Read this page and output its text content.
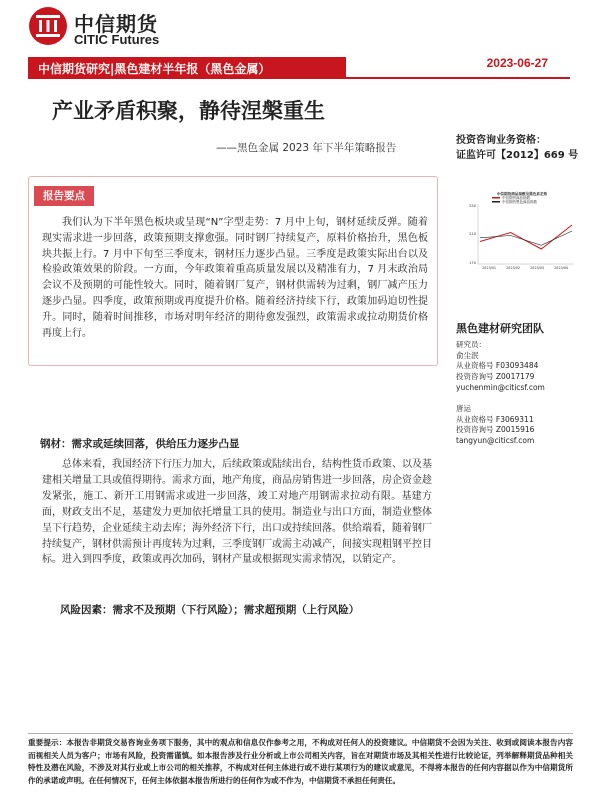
中信期货
CITIC Futures
中信期货研究|黑色建材半年报（黑色金属）	2023-06-27
产业矛盾积聚，静待涅槃重生
——黑色金属 2023 年下半年策略报告
投资咨询业务资格：
证监许可【2012】669 号
报告要点
我们认为下半年黑色板块或呈现“N”字型走势：7 月中上旬，钢材延续反弹。随着现实需求进一步回落，政策预期支撑愈强。同时钢厂持续复产，原料价格抬升，黑色板块共振上行。7 月中下旬至三季度末，钢材压力逐步凸显。三季度是政策实际出台以及检验政策效果的阶段。一方面，今年政策着重高质量发展以及精准有力，7 月末政治局会议不及预期的可能性较大。同时，随着钢厂复产，钢材供需转为过剩，钢厂减产压力逐步凸显。四季度，政策预期或再度提升价格。随着经济持续下行，政策加码迫切性提升。同时，随着时间推移，市场对明年经济的期待愈发强烈，政策需求或拉动期货价格再度上行。
中信期货商品指数及黑色系走势
中信期货商品指数
中信期货黑色商品指数
250
210
170
2023/01	2023/02	2023/03	2023/04
黑色建材研究团队
研究员：
俞尘泯
从业资格号 F03093484
投资咨询号 Z0017179
yuchenmin@citicsf.com
唐运
从业资格号 F3069311
投资咨询号 Z0015916
tangyun@citicsf.com
钢材：需求或延续回落，供给压力逐步凸显
总体来看，我国经济下行压力加大，后续政策或陆续出台，结构性货币政策、以及基建相关增量工具或值得期待。需求方面，地产角度，商品房销售进一步回落，房企资金趁发紧张，施工、新开工用钢需求或进一步回落，竣工对地产用钢需求拉动有限。基建方面，财政支出不足，基建发力更加依托增量工具的使用。制造业与出口方面，制造业整体呈下行趋势，企业延续主动去库；海外经济下行，出口或持续回落。供给端看，随着钢厂持续复产，钢材供需预计再度转为过剩，三季度钢厂或需主动减产，间接实现粗钢平控目标。进入到四季度，政策或再次加码，钢材产量或根据现实需求情况，以销定产。
风险因素：需求不及预期（下行风险）；需求超预期（上行风险）
重要提示：本报告非期货交易咨询业务项下服务，其中的观点和信息仅作参考之用，不构成对任何人的投资建议。中信期货不会因为关注、收到或阅读本报告内容而视相关人员为客户；市场有风险，投资需谨慎。如本报告涉及行业分析或上市公司相关内容，旨在对期货市场及其相关性进行比较论证，列举解释期货品种相关特性及潜在风险，不涉及对其行业或上市公司的相关推荐，不构成对任何主体进行或不进行某项行为的建议或意见，不得将本报告的任何内容据以作为中信期货所作的承诺或声明。在任何情况下，任何主体依据本报告所进行的任何作为或不作为，中信期货不承担任何责任。
